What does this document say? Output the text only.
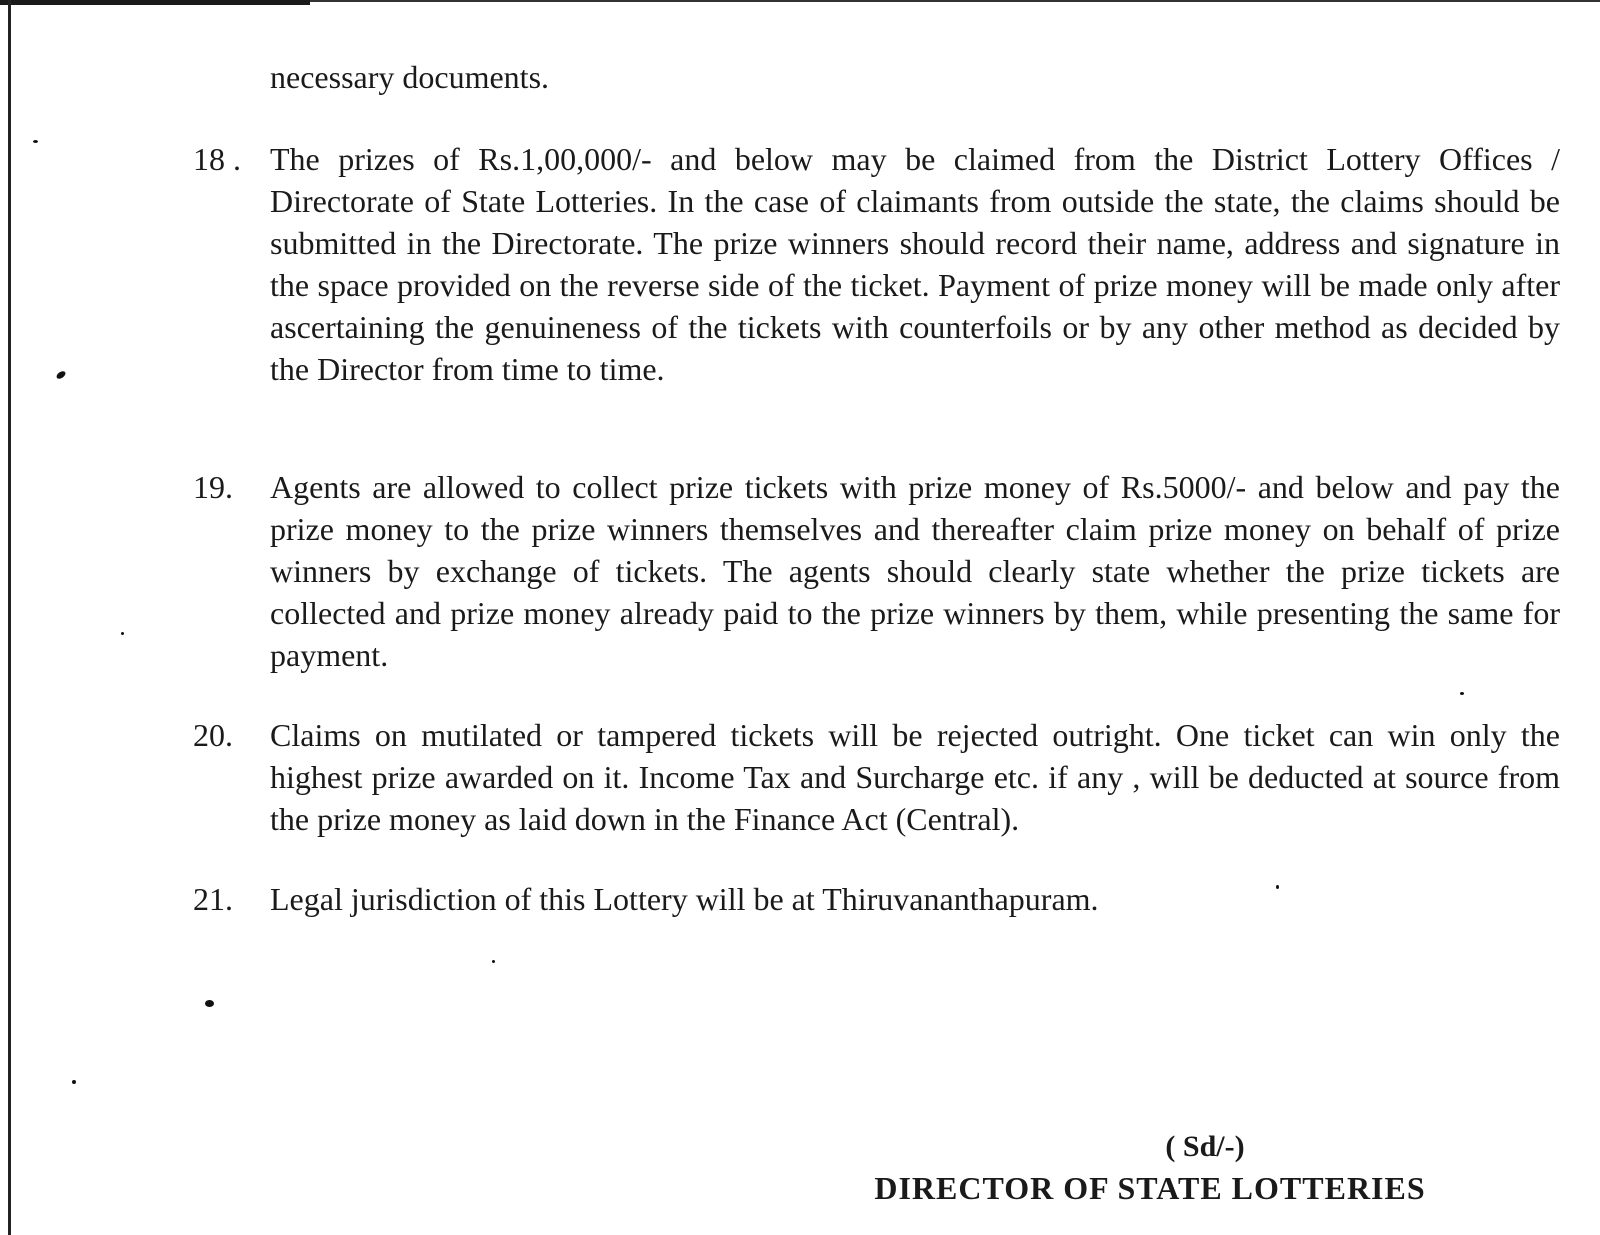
necessary documents.

18 . The prizes of Rs.1,00,000/- and below may be claimed from the District Lottery Offices / Directorate of State Lotteries. In the case of claimants from outside the state, the claims should be submitted in the Directorate. The prize winners should record their name, address and signature in the space provided on the reverse side of the ticket. Payment of prize money will be made only after ascertaining the genuineness of the tickets with counterfoils or by any other method as decided by the Director from time to time.
19.	Agents are allowed to collect prize tickets with prize money of Rs.5000/- and below and pay the prize money to the prize winners themselves and thereafter claim prize money on behalf of prize winners by exchange of tickets. The agents should clearly state whether the prize tickets are collected and prize money already paid to the prize winners by them, while presenting the same for payment.
20.	Claims on mutilated or tampered tickets will be rejected outright. One ticket can win only the highest prize awarded on it. Income Tax and Surcharge etc. if any , will be deducted at source from the prize money as laid down in the Finance Act (Central).
21.	Legal jurisdiction of this Lottery will be at Thiruvananthapuram.
( Sd/-)
DIRECTOR OF STATE LOTTERIES
